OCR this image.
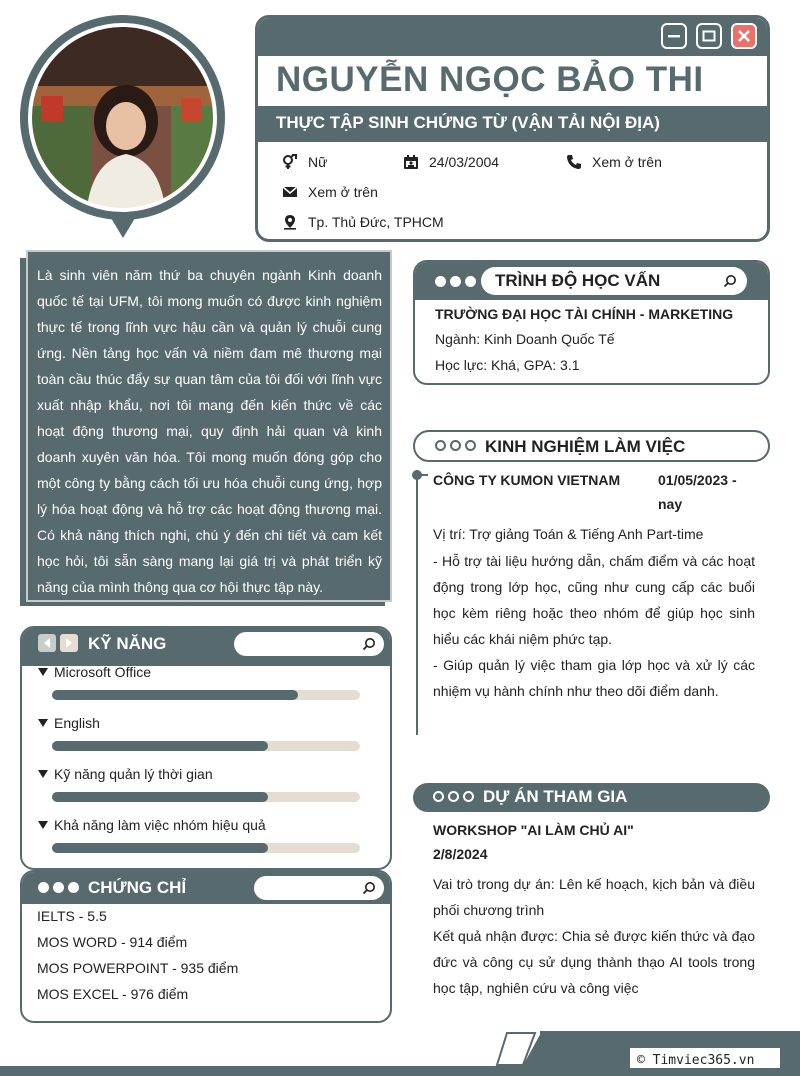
NGUYỄN NGỌC BẢO THI
THỰC TẬP SINH CHỨNG TỪ (VẬN TẢI NỘI ĐỊA)
Nữ	24/03/2004	Xem ở trên
Xem ở trên
Tp. Thủ Đức, TPHCM
Là sinh viên năm thứ ba chuyên ngành Kinh doanh quốc tế tại UFM, tôi mong muốn có được kinh nghiệm thực tế trong lĩnh vực hậu cần và quản lý chuỗi cung ứng. Nền tảng học vấn và niềm đam mê thương mại toàn cầu thúc đẩy sự quan tâm của tôi đối với lĩnh vực xuất nhập khẩu, nơi tôi mang đến kiến thức về các hoạt động thương mại, quy định hải quan và kinh doanh xuyên văn hóa. Tôi mong muốn đóng góp cho một công ty bằng cách tối ưu hóa chuỗi cung ứng, hợp lý hóa hoạt động và hỗ trợ các hoạt động thương mại. Có khả năng thích nghi, chú ý đến chi tiết và cam kết học hỏi, tôi sẵn sàng mang lại giá trị và phát triển kỹ năng của mình thông qua cơ hội thực tập này.
KỸ NĂNG
Microsoft Office
English
Kỹ năng quản lý thời gian
Khả năng làm việc nhóm hiệu quả
CHỨNG CHỈ
IELTS - 5.5
MOS WORD - 914 điểm
MOS POWERPOINT - 935 điểm
MOS EXCEL - 976 điểm
TRÌNH ĐỘ HỌC VẤN
TRƯỜNG ĐẠI HỌC TÀI CHÍNH - MARKETING
Ngành: Kinh Doanh Quốc Tế
Học lực: Khá, GPA: 3.1
KINH NGHIỆM LÀM VIỆC
CÔNG TY KUMON VIETNAM	01/05/2023 -
nay
Vị trí: Trợ giảng Toán & Tiếng Anh Part-time
- Hỗ trợ tài liệu hướng dẫn, chấm điểm và các hoạt động trong lớp học, cũng như cung cấp các buổi học kèm riêng hoặc theo nhóm để giúp học sinh hiểu các khái niệm phức tạp.
- Giúp quản lý việc tham gia lớp học và xử lý các nhiệm vụ hành chính như theo dõi điểm danh.
DỰ ÁN THAM GIA
WORKSHOP "AI LÀM CHỦ AI"
2/8/2024
Vai trò trong dự án: Lên kế hoạch, kịch bản và điều phối chương trình
Kết quả nhận được: Chia sẻ được kiến thức và đạo đức và công cụ sử dụng thành thạo AI tools trong học tập, nghiên cứu và công việc
© Timviec365.vn
